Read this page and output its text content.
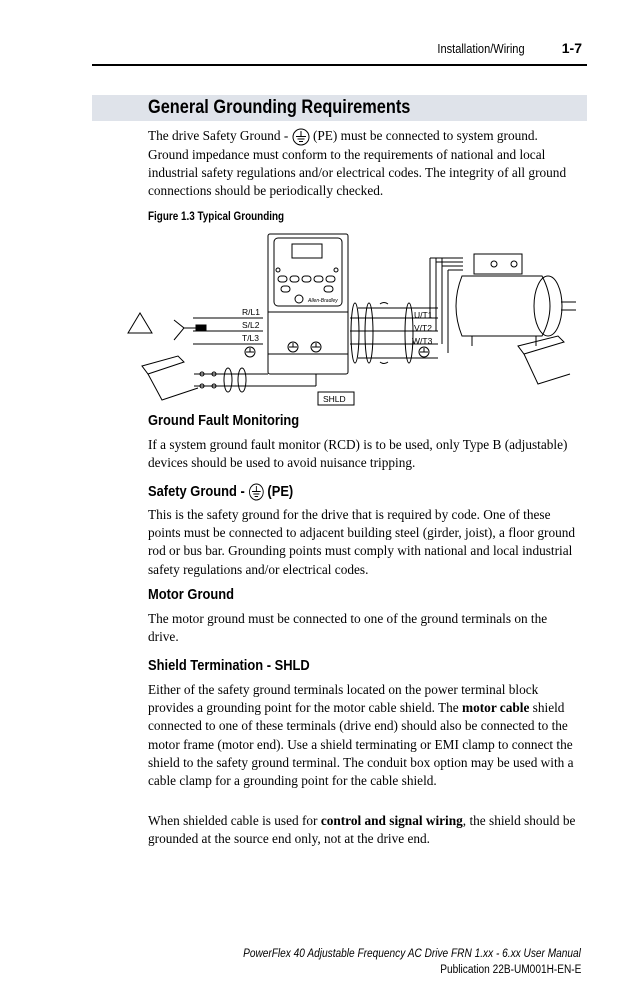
Installation/Wiring	1-7
General Grounding Requirements
The drive Safety Ground -  (PE) must be connected to system ground. Ground impedance must conform to the requirements of national and local industrial safety regulations and/or electrical codes. The integrity of all ground connections should be periodically checked.
Figure 1.3 Typical Grounding
Allen-Bradley
R/L1
S/L2
T/L3
U/T1
V/T2
W/T3
SHLD
Ground Fault Monitoring
If a system ground fault monitor (RCD) is to be used, only Type B (adjustable) devices should be used to avoid nuisance tripping.
Safety Ground -  (PE)
This is the safety ground for the drive that is required by code. One of these points must be connected to adjacent building steel (girder, joist), a floor ground rod or bus bar. Grounding points must comply with national and local industrial safety regulations and/or electrical codes.
Motor Ground
The motor ground must be connected to one of the ground terminals on the drive.
Shield Termination - SHLD
Either of the safety ground terminals located on the power terminal block provides a grounding point for the motor cable shield. The motor cable shield connected to one of these terminals (drive end) should also be connected to the motor frame (motor end). Use a shield terminating or EMI clamp to connect the shield to the safety ground terminal. The conduit box option may be used with a cable clamp for a grounding point for the cable shield.
When shielded cable is used for control and signal wiring, the shield should be grounded at the source end only, not at the drive end.
PowerFlex 40 Adjustable Frequency AC Drive FRN 1.xx - 6.xx User Manual
Publication 22B-UM001H-EN-E
